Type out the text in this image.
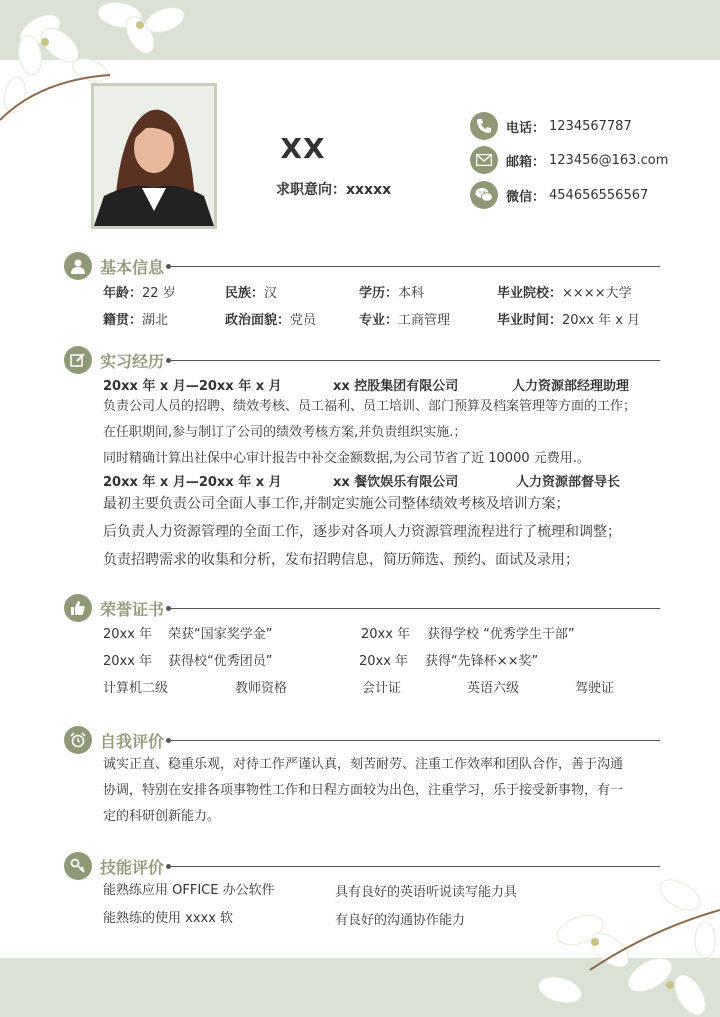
XX
求职意向：xxxxx
电话： 1234567787
邮箱： 123456@163.com
微信： 454656556567
基本信息
年龄：22 岁	民族：汉	学历：本科	毕业院校：××××大学
籍贯：湖北	政治面貌：党员	专业：工商管理	毕业时间：20xx 年 x 月
实习经历
20xx 年 x 月—20xx 年 x 月	xx 控股集团有限公司	人力资源部经理助理
负责公司人员的招聘、绩效考核、员工福利、员工培训、部门预算及档案管理等方面的工作；
在任职期间,参与制订了公司的绩效考核方案,并负责组织实施.；
同时精确计算出社保中心审计报告中补交金额数据,为公司节省了近 10000 元费用.。
20xx 年 x 月—20xx 年 x 月	xx 餐饮娱乐有限公司	人力资源部督导长
最初主要负责公司全面人事工作,并制定实施公司整体绩效考核及培训方案；
后负责人力资源管理的全面工作，逐步对各项人力资源管理流程进行了梳理和调整；
负责招聘需求的收集和分析，发布招聘信息，简历筛选、预约、面试及录用；
荣誉证书
20xx 年 荣获“国家奖学金”	20xx 年 获得学校 “优秀学生干部”
20xx 年 获得校“优秀团员”	20xx 年 获得“先锋杯××奖”
计算机二级	教师资格	会计证	英语六级	驾驶证
自我评价
诚实正直、稳重乐观，对待工作严谨认真，刻苦耐劳、注重工作效率和团队合作，善于沟通
协调，特别在安排各项事物性工作和日程方面较为出色，注重学习，乐于接受新事物，有一
定的科研创新能力。
技能评价
能熟练应用 OFFICE 办公软件	具有良好的英语听说读写能力具
能熟练的使用 xxxx 软	有良好的沟通协作能力
